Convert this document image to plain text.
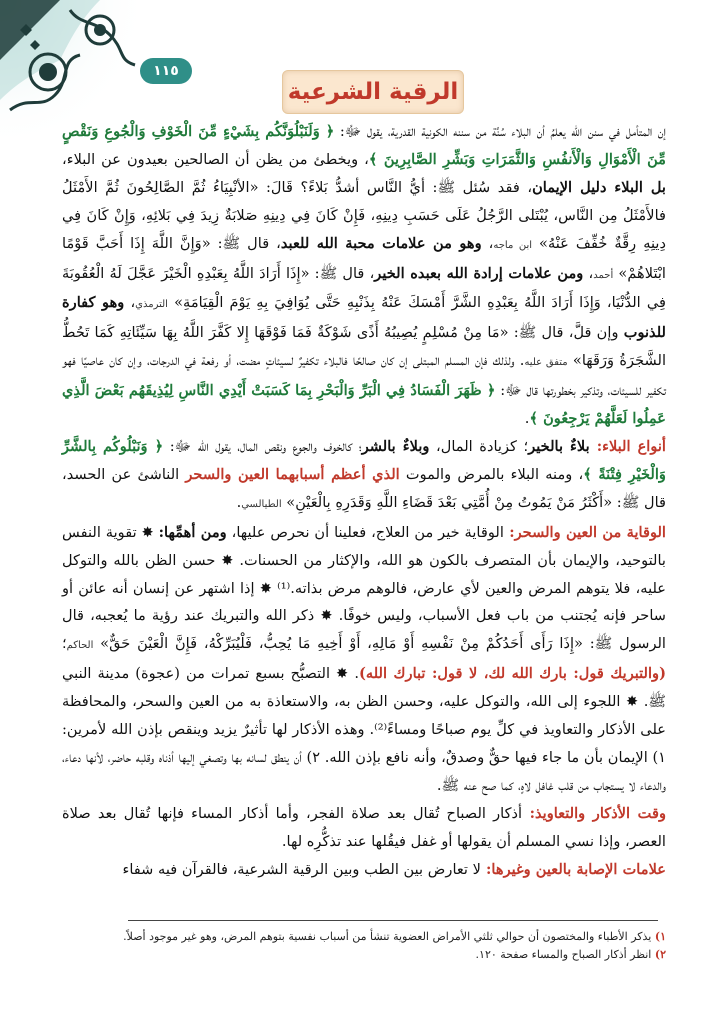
١١٥
الرقية الشرعية

إن المتأمل في سنن الله يعلمُ أن البلاء سُنَّة من سننه الكونية القدرية، يقول ﷻ: ﴿ وَلَنَبْلُوَنَّكُم بِشَيْءٍ مِّنَ الْخَوْفِ وَالْجُوعِ وَنَقْصٍ مِّنَ الْأَمْوَالِ وَالْأَنفُسِ وَالثَّمَرَاتِ وَبَشِّرِ الصَّابِرِينَ ﴾، ويخطئ من يظن أن الصالحين بعيدون عن البلاء، بل البلاء دليل الإيمان، فقد سُئل ﷺ: أيُّ النَّاس أشدُّ بَلاءً؟ قَالَ: «الأنْبِيَاءُ ثُمَّ الصَّالِحُونَ ثُمَّ الأَمْثَلُ فالأَمْثَلُ مِن النَّاس، يُبْتَلى الرَّجُلُ عَلَى حَسَبِ دِينِهِ، فَإِنْ كَانَ فِي دِينِهِ صَلابَةٌ زِيدَ فِي بَلائِهِ، وَإِنْ كَانَ فِي دِينِهِ رِقَّةٌ خُفِّفَ عَنْهُ» ابن ماجه، وهو من علامات محبة الله للعبد، قال ﷺ: «وَإِنَّ اللَّهَ إِذَا أَحَبَّ قَوْمًا ابْتَلاهُمْ» أحمد، ومن علامات إرادة الله بعبده الخير، قال ﷺ: «إِذَا أَرَادَ اللَّهُ بِعَبْدِهِ الْخَيْرَ عَجَّلَ لَهُ الْعُقُوبَةَ فِي الدُّنْيَا، وَإِذَا أَرَادَ اللَّهُ بِعَبْدِهِ الشَّرَّ أَمْسَكَ عَنْهُ بِذَنْبِهِ حَتَّى يُوَافِيَ بِهِ يَوْمَ الْقِيَامَةِ» الترمذي، وهو كفارة للذنوب وإن قلَّ، قال ﷺ: «مَا مِنْ مُسْلِمٍ يُصِيبُهُ أَذًى شَوْكَةٌ فَمَا فَوْقَهَا إِلا كَفَّرَ اللَّهُ بِهَا سَيِّئَاتِهِ كَمَا تَحُطُّ الشَّجَرَةُ وَرَقَهَا» متفق عليه. ولذلك فإن المسلم المبتلى إن كان صالحًا فالبلاء تكفيرٌ لسيئاتٍ مضت، أو رفعة في الدرجات، وإن كان عاصيًا فهو تكفير للسيئات، وتذكير بخطورتها قال ﷻ: ﴿ ظَهَرَ الْفَسَادُ فِي الْبَرِّ وَالْبَحْرِ بِمَا كَسَبَتْ أَيْدِي النَّاسِ لِيُذِيقَهُم بَعْضَ الَّذِي عَمِلُوا لَعَلَّهُمْ يَرْجِعُونَ ﴾.

أنواع البلاء: بلاءٌ بالخير؛ كزيادة المال، وبلاءٌ بالشر؛ كالخوف والجوع ونقص المال، يقول الله ﷻ: ﴿ وَنَبْلُوكُم بِالشَّرِّ وَالْخَيْرِ فِتْنَةً ﴾، ومنه البلاء بالمرض والموت الذي أعظم أسبابهما العين والسحر الناشئ عن الحسد، قال ﷺ: «أَكْثَرُ مَنْ يَمُوتُ مِنْ أُمَّتِي بَعْدَ قَضَاءِ اللَّهِ وَقَدَرِهِ بِالْعَيْنِ» الطيالسي.

الوقاية من العين والسحر: الوقاية خير من العلاج، فعلينا أن نحرص عليها، ومن أهمِّها: ✸ تقوية النفس بالتوحيد، والإيمان بأن المتصرف بالكون هو الله، والإكثار من الحسنات. ✸ حسن الظن بالله والتوكل عليه، فلا يتوهم المرض والعين لأي عارض، فالوهم مرض بذاته.⁽¹⁾ ✸ إذا اشتهر عن إنسان أنه عائن أو ساحر فإنه يُجتنب من باب فعل الأسباب، وليس خوفًا. ✸ ذكر الله والتبريك عند رؤية ما يُعجبه، قال الرسول ﷺ: «إِذَا رَأَى أَحَدُكُمْ مِنْ نَفْسِهِ أَوْ مَالِهِ، أَوْ أَخِيهِ مَا يُحِبُّ، فَلْيُبَرِّكْهُ، فَإِنَّ الْعَيْنَ حَقٌّ» الحاكم؛ (والتبريك قول: بارك الله لك، لا قول: تبارك الله). ✸ التصبُّح بسبع تمرات من (عجوة) مدينة النبي ﷺ. ✸ اللجوء إلى الله، والتوكل عليه، وحسن الظن به، والاستعاذة به من العين والسحر، والمحافظة على الأذكار والتعاويذ في كلِّ يوم صباحًا ومساءً⁽²⁾. وهذه الأذكار لها تأثيرٌ يزيد وينقص بإذن الله لأمرين: ١) الإيمان بأن ما جاء فيها حقٌّ وصدقٌ، وأنه نافع بإذن الله. ٢) أن ينطق لسانه بها وتصغي إليها أذناه وقلبه حاضر، لأنها دعاء، والدعاء لا يستجاب من قلب غافل لاهٍ، كما صح عنه ﷺ.

وقت الأذكار والتعاويذ: أذكار الصباح تُقال بعد صلاة الفجر، وأما أذكار المساء فإنها تُقال بعد صلاة العصر، وإذا نسي المسلم أن يقولها أو غفل فيقُلها عند تذكُّرِه لها.

علامات الإصابة بالعين وغيرها: لا تعارض بين الطب وبين الرقية الشرعية، فالقرآن فيه شفاء

١) يذكر الأطباء والمختصون أن حوالي ثلثي الأمراض العضوية تنشأ من أسباب نفسية بتوهم المرض، وهو غير موجود أصلاً.

٢) انظر أذكار الصباح والمساء صفحة ١٢٠.
